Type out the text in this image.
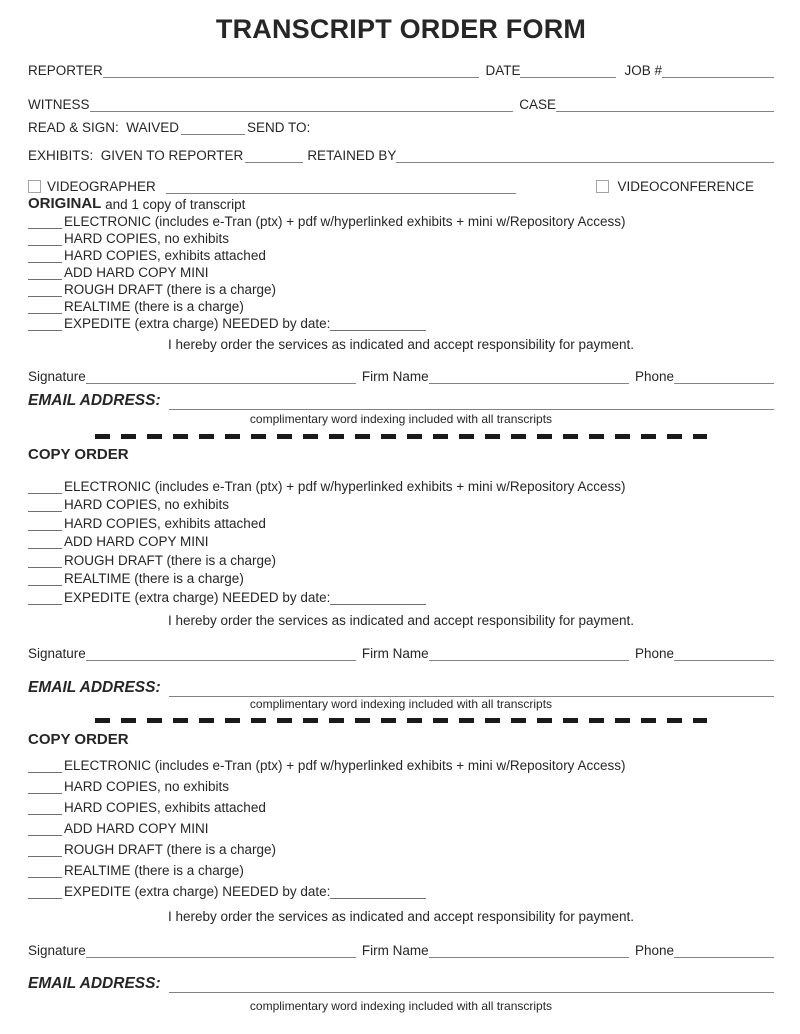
TRANSCRIPT ORDER FORM
REPORTER	DATE	JOB #
WITNESS	CASE
READ & SIGN:  WAIVED	SEND TO:
EXHIBITS:  GIVEN TO REPORTER	RETAINED BY
VIDEOGRAPHER	VIDEOCONFERENCE
ORIGINAL and 1 copy of transcript
ELECTRONIC (includes e-Tran (ptx) + pdf w/hyperlinked exhibits + mini w/Repository Access)
HARD COPIES, no exhibits
HARD COPIES, exhibits attached
ADD HARD COPY MINI
ROUGH DRAFT (there is a charge)
REALTIME (there is a charge)
EXPEDITE (extra charge) NEEDED by date:
I hereby order the services as indicated and accept responsibility for payment.
Signature	Firm Name	Phone
EMAIL ADDRESS:
complimentary word indexing included with all transcripts
COPY ORDER
ELECTRONIC (includes e-Tran (ptx) + pdf w/hyperlinked exhibits + mini w/Repository Access)
HARD COPIES, no exhibits
HARD COPIES, exhibits attached
ADD HARD COPY MINI
ROUGH DRAFT (there is a charge)
REALTIME (there is a charge)
EXPEDITE (extra charge) NEEDED by date:
I hereby order the services as indicated and accept responsibility for payment.
Signature	Firm Name	Phone
EMAIL ADDRESS:
complimentary word indexing included with all transcripts
COPY ORDER
ELECTRONIC (includes e-Tran (ptx) + pdf w/hyperlinked exhibits + mini w/Repository Access)
HARD COPIES, no exhibits
HARD COPIES, exhibits attached
ADD HARD COPY MINI
ROUGH DRAFT (there is a charge)
REALTIME (there is a charge)
EXPEDITE (extra charge) NEEDED by date:
I hereby order the services as indicated and accept responsibility for payment.
Signature	Firm Name	Phone
EMAIL ADDRESS:
complimentary word indexing included with all transcripts
